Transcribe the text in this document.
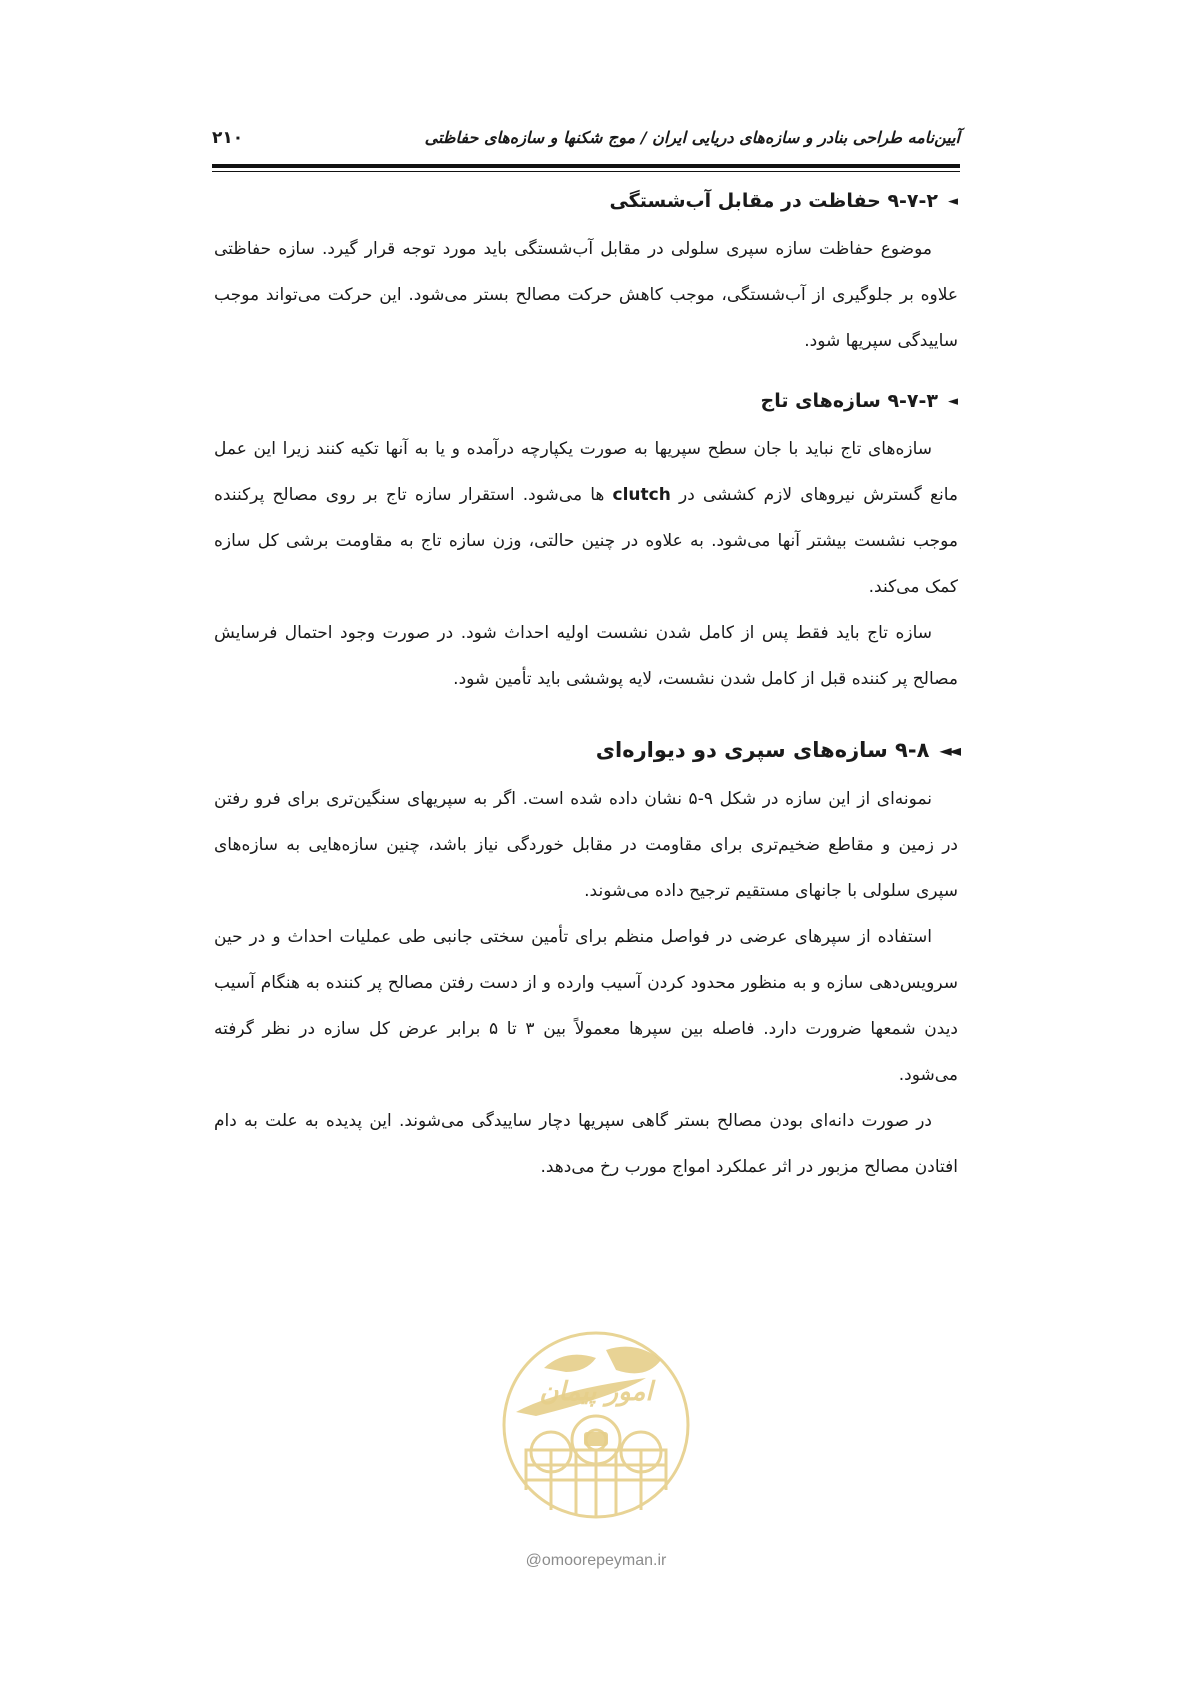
آیین‌نامه طراحی بنادر و سازه‌های دریایی ایران / موج شکنها و سازه‌های حفاظتی
۲۱۰
◄
۹-۷-۲ حفاظت در مقابل آب‌شستگی

موضوع حفاظت سازه سپری سلولی در مقابل آب‌شستگی باید مورد توجه قرار گیرد. سازه حفاظتی علاوه بر جلوگیری از آب‌شستگی، موجب کاهش حرکت مصالح بستر می‌شود. این حرکت می‌تواند موجب ساییدگی سپریها شود.

◄
۹-۷-۳ سازه‌های تاج

سازه‌های تاج نباید با جان سطح سپریها به صورت یکپارچه درآمده و یا به آنها تکیه کنند زیرا این عمل مانع گسترش نیروهای لازم کششی در clutch ها می‌شود. استقرار سازه تاج بر روی مصالح پرکننده موجب نشست بیشتر آنها می‌شود. به علاوه در چنین حالتی، وزن سازه تاج به مقاومت برشی کل سازه کمک می‌کند.

سازه تاج باید فقط پس از کامل شدن نشست اولیه احداث شود. در صورت وجود احتمال فرسایش مصالح پر کننده قبل از کامل شدن نشست، لایه پوششی باید تأمین شود.

◄◄
۹-۸ سازه‌های سپری دو دیواره‌ای

نمونه‌ای از این سازه در شکل ۹-۵ نشان داده شده است. اگر به سپریهای سنگین‌تری برای فرو رفتن در زمین و مقاطع ضخیم‌تری برای مقاومت در مقابل خوردگی نیاز باشد، چنین سازه‌هایی به سازه‌های سپری سلولی با جانهای مستقیم ترجیح داده می‌شوند.

استفاده از سپرهای عرضی در فواصل منظم برای تأمین سختی جانبی طی عملیات احداث و در حین سرویس‌دهی سازه و به منظور محدود کردن آسیب وارده و از دست رفتن مصالح پر کننده به هنگام آسیب دیدن شمعها ضرورت دارد. فاصله بین سپرها معمولاً بین ۳ تا ۵ برابر عرض کل سازه در نظر گرفته می‌شود.

در صورت دانه‌ای بودن مصالح بستر گاهی سپریها دچار ساییدگی می‌شوند. این پدیده به علت به دام افتادن مصالح مزبور در اثر عملکرد امواج مورب رخ می‌دهد.

امور پیمان
@omoorepeyman.ir
